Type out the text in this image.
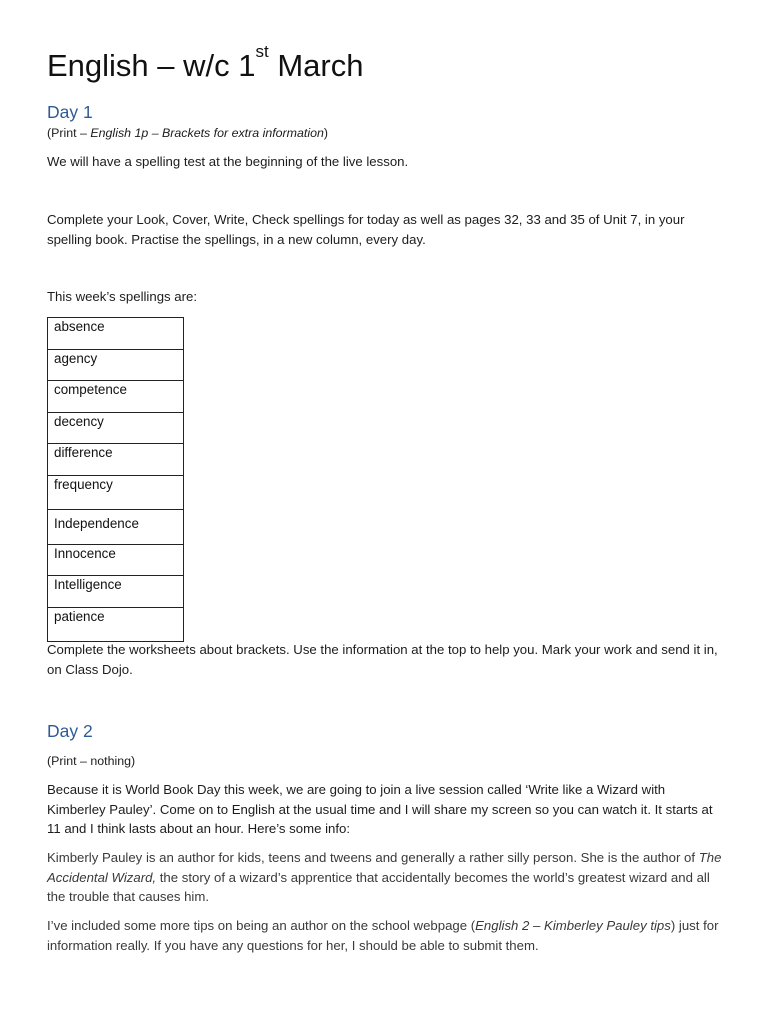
English – w/c 1st March
Day 1
(Print – English 1p – Brackets for extra information)
We will have a spelling test at the beginning of the live lesson.
Complete your Look, Cover, Write, Check spellings for today as well as pages 32, 33 and 35 of Unit 7, in your spelling book. Practise the spellings, in a new column, every day.
This week’s spellings are:
absence

agency

competence

decency

difference

frequency

Independence

Innocence

Intelligence

patience
Complete the worksheets about brackets. Use the information at the top to help you. Mark your work and send it in, on Class Dojo.
Day 2
(Print – nothing)
Because it is World Book Day this week, we are going to join a live session called ‘Write like a Wizard with Kimberley Pauley’. Come on to English at the usual time and I will share my screen so you can watch it. It starts at 11 and I think lasts about an hour. Here’s some info:
Kimberly Pauley is an author for kids, teens and tweens and generally a rather silly person. She is the author of The Accidental Wizard, the story of a wizard’s apprentice that accidentally becomes the world’s greatest wizard and all the trouble that causes him.
I’ve included some more tips on being an author on the school webpage (English 2 – Kimberley Pauley tips) just for information really. If you have any questions for her, I should be able to submit them.
